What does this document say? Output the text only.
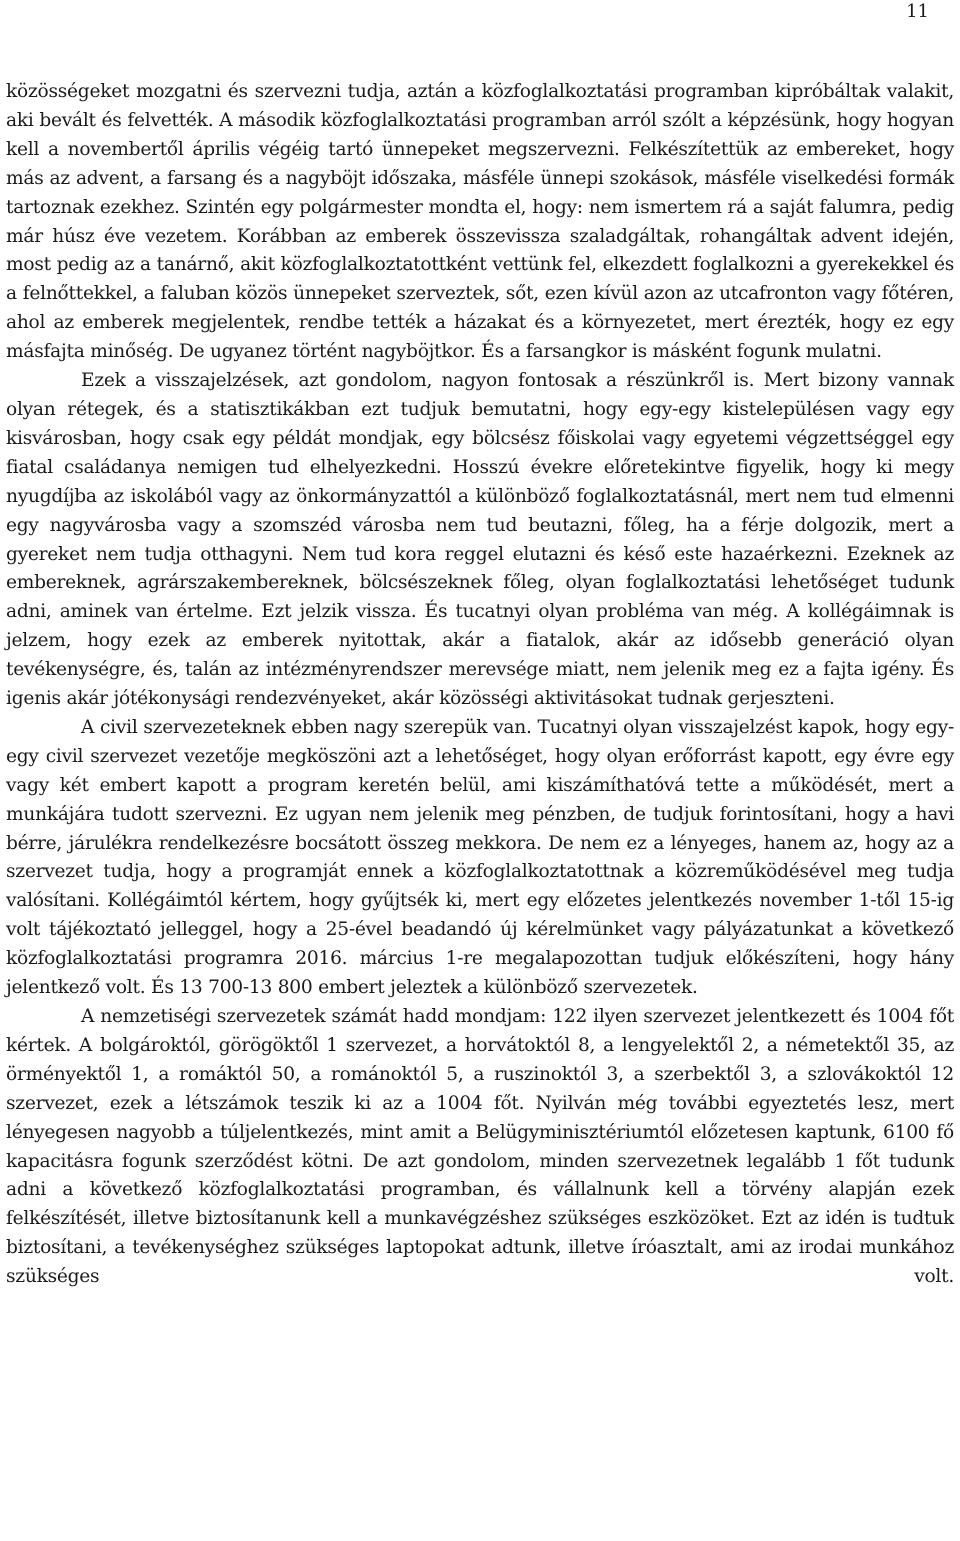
11

közösségeket mozgatni és szervezni tudja, aztán a közfoglalkoztatási programban kipróbáltak valakit, aki bevált és felvették. A második közfoglalkoztatási programban arról szólt a képzésünk, hogy hogyan kell a novembertől április végéig tartó ünnepeket megszervezni. Felkészítettük az embereket, hogy más az advent, a farsang és a nagyböjt időszaka, másféle ünnepi szokások, másféle viselkedési formák tartoznak ezekhez. Szintén egy polgármester mondta el, hogy: nem ismertem rá a saját falumra, pedig már húsz éve vezetem. Korábban az emberek összevissza szaladgáltak, rohangáltak advent idején, most pedig az a tanárnő, akit közfoglalkoztatottként vettünk fel, elkezdett foglalkozni a gyerekekkel és a felnőttekkel, a faluban közös ünnepeket szerveztek, sőt, ezen kívül azon az utcafronton vagy főtéren, ahol az emberek megjelentek, rendbe tették a házakat és a környezetet, mert érezték, hogy ez egy másfajta minőség. De ugyanez történt nagyböjtkor. És a farsangkor is másként fogunk mulatni.

Ezek a visszajelzések, azt gondolom, nagyon fontosak a részünkről is. Mert bizony vannak olyan rétegek, és a statisztikákban ezt tudjuk bemutatni, hogy egy-egy kistelepülésen vagy egy kisvárosban, hogy csak egy példát mondjak, egy bölcsész főiskolai vagy egyetemi végzettséggel egy fiatal családanya nemigen tud elhelyezkedni. Hosszú évekre előretekintve figyelik, hogy ki megy nyugdíjba az iskolából vagy az önkormányzattól a különböző foglalkoztatásnál, mert nem tud elmenni egy nagyvárosba vagy a szomszéd városba nem tud beutazni, főleg, ha a férje dolgozik, mert a gyereket nem tudja otthagyni. Nem tud kora reggel elutazni és késő este hazaérkezni. Ezeknek az embereknek, agrárszakembereknek, bölcsészeknek főleg, olyan foglalkoztatási lehetőséget tudunk adni, aminek van értelme. Ezt jelzik vissza. És tucatnyi olyan probléma van még. A kollégáimnak is jelzem, hogy ezek az emberek nyitottak, akár a fiatalok, akár az idősebb generáció olyan tevékenységre, és, talán az intézményrendszer merevsége miatt, nem jelenik meg ez a fajta igény. És igenis akár jótékonysági rendezvényeket, akár közösségi aktivitásokat tudnak gerjeszteni.

A civil szervezeteknek ebben nagy szerepük van. Tucatnyi olyan visszajelzést kapok, hogy egy-egy civil szervezet vezetője megköszöni azt a lehetőséget, hogy olyan erőforrást kapott, egy évre egy vagy két embert kapott a program keretén belül, ami kiszámíthatóvá tette a működését, mert a munkájára tudott szervezni. Ez ugyan nem jelenik meg pénzben, de tudjuk forintosítani, hogy a havi bérre, járulékra rendelkezésre bocsátott összeg mekkora. De nem ez a lényeges, hanem az, hogy az a szervezet tudja, hogy a programját ennek a közfoglalkoztatottnak a közreműködésével meg tudja valósítani. Kollégáimtól kértem, hogy gyűjtsék ki, mert egy előzetes jelentkezés november 1-től 15-ig volt tájékoztató jelleggel, hogy a 25-ével beadandó új kérelmünket vagy pályázatunkat a következő közfoglalkoztatási programra 2016. március 1-re megalapozottan tudjuk előkészíteni, hogy hány jelentkező volt. És 13 700-13 800 embert jeleztek a különböző szervezetek.

A nemzetiségi szervezetek számát hadd mondjam: 122 ilyen szervezet jelentkezett és 1004 főt kértek. A bolgároktól, görögöktől 1 szervezet, a horvátoktól 8, a lengyelektől 2, a németektől 35, az örményektől 1, a romáktól 50, a románoktól 5, a ruszinoktól 3, a szerbektől 3, a szlovákoktól 12 szervezet, ezek a létszámok teszik ki az a 1004 főt. Nyilván még további egyeztetés lesz, mert lényegesen nagyobb a túljelentkezés, mint amit a Belügyminisztériumtól előzetesen kaptunk, 6100 fő kapacitásra fogunk szerződést kötni. De azt gondolom, minden szervezetnek legalább 1 főt tudunk adni a következő közfoglalkoztatási programban, és vállalnunk kell a törvény alapján ezek felkészítését, illetve biztosítanunk kell a munkavégzéshez szükséges eszközöket. Ezt az idén is tudtuk biztosítani, a tevékenységhez szükséges laptopokat adtunk, illetve íróasztalt, ami az irodai munkához szükséges volt.
